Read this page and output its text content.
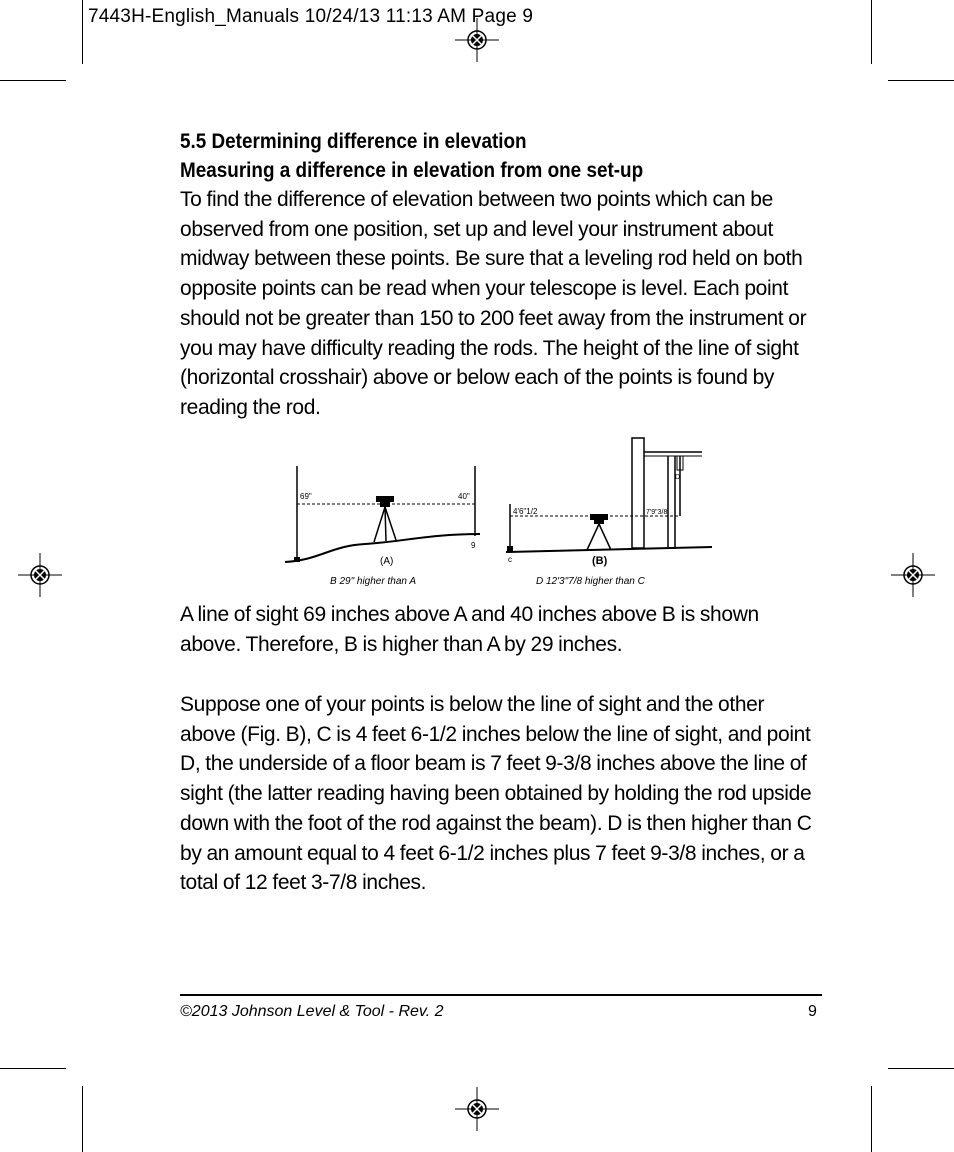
7443H-English_Manuals 10/24/13 11:13 AM Page 9

5.5 Determining difference in elevation

Measuring a difference in elevation from one set-up

To find the difference of elevation between two points which can be observed from one position, set up and level your instrument about midway between these points. Be sure that a leveling rod held on both opposite points can be read when your telescope is level. Each point should not be greater than 150 to 200 feet away from the instrument or you may have difficulty reading the rods. The height of the line of sight (horizontal crosshair) above or below each of the points is found by reading the rod.

69"	40"
9
(A)
B 29" higher than A
D
4'6"1/2	7'9"3/8
c	(B)
D 12'3"7/8 higher than C

A line of sight 69 inches above A and 40 inches above B is shown above. Therefore, B is higher than A by 29 inches.

Suppose one of your points is below the line of sight and the other above (Fig. B), C is 4 feet 6-1/2 inches below the line of sight, and point D, the underside of a floor beam is 7 feet 9-3/8 inches above the line of sight (the latter reading having been obtained by holding the rod upside down with the foot of the rod against the beam). D is then higher than C by an amount equal to 4 feet 6-1/2 inches plus 7 feet 9-3/8 inches, or a total of 12 feet 3-7/8 inches.

©2013 Johnson Level & Tool - Rev. 2	9
